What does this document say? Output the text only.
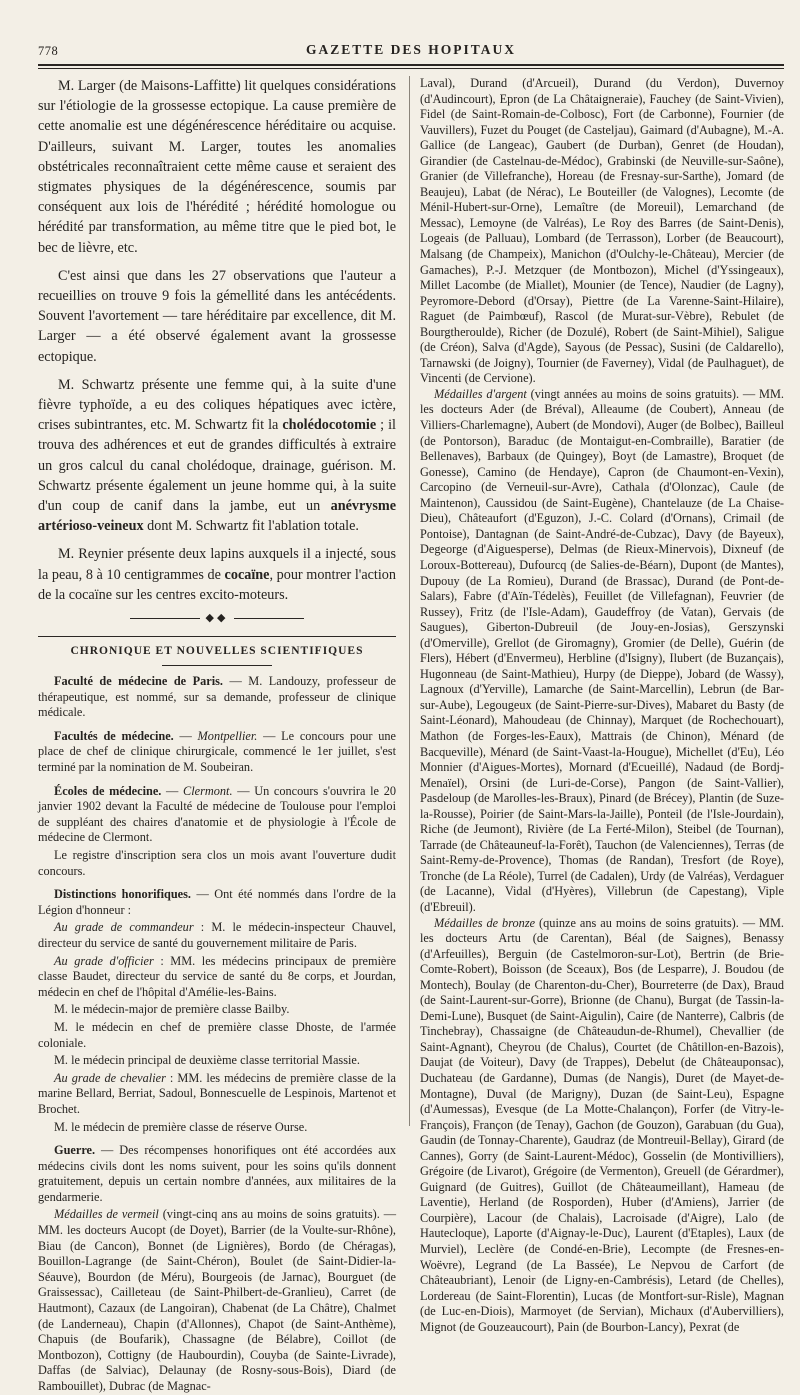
778	GAZETTE DES HOPITAUX

M. Larger (de Maisons-Laffitte) lit quelques considérations sur l'étiologie de la grossesse ectopique. La cause première de cette anomalie est une dégénérescence héréditaire ou acquise. D'ailleurs, suivant M. Larger, toutes les anomalies obstétricales reconnaîtraient cette même cause et seraient des stigmates physiques de la dégénérescence, soumis par conséquent aux lois de l'hérédité ; hérédité homologue ou hérédité par transformation, au même titre que le pied bot, le bec de lièvre, etc.

C'est ainsi que dans les 27 observations que l'auteur a recueillies on trouve 9 fois la gémellité dans les antécédents. Souvent l'avortement — tare héréditaire par excellence, dit M. Larger — a été observé également avant la grossesse ectopique.

M. Schwartz présente une femme qui, à la suite d'une fièvre typhoïde, a eu des coliques hépatiques avec ictère, crises subintrantes, etc. M. Schwartz fit la cholédocotomie ; il trouva des adhérences et eut de grandes difficultés à extraire un gros calcul du canal cholédoque, drainage, guérison. M. Schwartz présente également un jeune homme qui, à la suite d'un coup de canif dans la jambe, eut un anévrysme artérioso-veineux dont M. Schwartz fit l'ablation totale.

M. Reynier présente deux lapins auxquels il a injecté, sous la peau, 8 à 10 centigrammes de cocaïne, pour montrer l'action de la cocaïne sur les centres excito-moteurs.

◆◆
CHRONIQUE ET NOUVELLES SCIENTIFIQUES

Faculté de médecine de Paris. — M. Landouzy, professeur de thérapeutique, est nommé, sur sa demande, professeur de clinique médicale.

Facultés de médecine. — Montpellier. — Le concours pour une place de chef de clinique chirurgicale, commencé le 1er juillet, s'est terminé par la nomination de M. Soubeiran.

Écoles de médecine. — Clermont. — Un concours s'ouvrira le 20 janvier 1902 devant la Faculté de médecine de Toulouse pour l'emploi de suppléant des chaires d'anatomie et de physiologie à l'École de médecine de Clermont.

Le registre d'inscription sera clos un mois avant l'ouverture dudit concours.

Distinctions honorifiques. — Ont été nommés dans l'ordre de la Légion d'honneur :

Au grade de commandeur : M. le médecin-inspecteur Chauvel, directeur du service de santé du gouvernement militaire de Paris.

Au grade d'officier : MM. les médecins principaux de première classe Baudet, directeur du service de santé du 8e corps, et Jourdan, médecin en chef de l'hôpital d'Amélie-les-Bains.

M. le médecin-major de première classe Bailby.

M. le médecin en chef de première classe Dhoste, de l'armée coloniale.

M. le médecin principal de deuxième classe territorial Massie.

Au grade de chevalier : MM. les médecins de première classe de la marine Bellard, Berriat, Sadoul, Bonnescuelle de Lespinois, Martenot et Brochet.

M. le médecin de première classe de réserve Ourse.

Guerre. — Des récompenses honorifiques ont été accordées aux médecins civils dont les noms suivent, pour les soins qu'ils donnent gratuitement, depuis un certain nombre d'années, aux militaires de la gendarmerie.

Médailles de vermeil (vingt-cinq ans au moins de soins gratuits). — MM. les docteurs Aucopt (de Doyet), Barrier (de la Voulte-sur-Rhône), Biau (de Cancon), Bonnet (de Lignières), Bordo (de Chéragas), Bouillon-Lagrange (de Saint-Chéron), Boulet (de Saint-Didier-la-Séauve), Bourdon (de Méru), Bourgeois (de Jarnac), Bourguet (de Graissessac), Cailleteau (de Saint-Philbert-de-Granlieu), Carret (de Hautmont), Cazaux (de Langoiran), Chabenat (de La Châtre), Chalmet (de Landerneau), Chapin (d'Allonnes), Chapot (de Saint-Anthème), Chapuis (de Boufarik), Chassagne (de Bélabre), Coillot (de Montbozon), Cottigny (de Haubourdin), Couyba (de Sainte-Livrade), Daffas (de Salviac), Delaunay (de Rosny-sous-Bois), Diard (de Rambouillet), Dubrac (de Magnac-

Laval), Durand (d'Arcueil), Durand (du Verdon), Duvernoy (d'Audincourt), Epron (de La Châtaigneraie), Fauchey (de Saint-Vivien), Fidel (de Saint-Romain-de-Colbosc), Fort (de Carbonne), Fournier (de Vauvillers), Fuzet du Pouget (de Casteljau), Gaimard (d'Aubagne), M.-A. Gallice (de Langeac), Gaubert (de Durban), Genret (de Houdan), Girandier (de Castelnau-de-Médoc), Grabinski (de Neuville-sur-Saône), Granier (de Villefranche), Horeau (de Fresnay-sur-Sarthe), Jomard (de Beaujeu), Labat (de Nérac), Le Bouteiller (de Valognes), Lecomte (de Ménil-Hubert-sur-Orne), Lemaître (de Moreuil), Lemarchand (de Messac), Lemoyne (de Valréas), Le Roy des Barres (de Saint-Denis), Logeais (de Palluau), Lombard (de Terrasson), Lorber (de Beaucourt), Malsang (de Champeix), Manichon (d'Oulchy-le-Château), Mercier (de Gamaches), P.-J. Metzquer (de Montbozon), Michel (d'Yssingeaux), Millet Lacombe (de Miallet), Mounier (de Tence), Naudier (de Lagny), Peyromore-Debord (d'Orsay), Piettre (de La Varenne-Saint-Hilaire), Raguet (de Paimbœuf), Rascol (de Murat-sur-Vèbre), Rebulet (de Bourgtheroulde), Richer (de Dozulé), Robert (de Saint-Mihiel), Saligue (de Créon), Salva (d'Agde), Sayous (de Pessac), Susini (de Caldarello), Tarnawski (de Joigny), Tournier (de Faverney), Vidal (de Paulhaguet), de Vincenti (de Cervione).

Médailles d'argent (vingt années au moins de soins gratuits). — MM. les docteurs Ader (de Bréval), Alleaume (de Coubert), Anneau (de Villiers-Charlemagne), Aubert (de Mondovi), Auger (de Bolbec), Bailleul (de Pontorson), Baraduc (de Montaigut-en-Combraille), Baratier (de Bellenaves), Barbaux (de Quingey), Boyt (de Lamastre), Broquet (de Gonesse), Camino (de Hendaye), Capron (de Chaumont-en-Vexin), Carcopino (de Verneuil-sur-Avre), Cathala (d'Olonzac), Caule (de Maintenon), Caussidou (de Saint-Eugène), Chantelauze (de La Chaise-Dieu), Châteaufort (d'Eguzon), J.-C. Colard (d'Ornans), Crimail (de Pontoise), Dantagnan (de Saint-André-de-Cubzac), Davy (de Bayeux), Degeorge (d'Aiguesperse), Delmas (de Rieux-Minervois), Dixneuf (de Loroux-Bottereau), Dufourcq (de Salies-de-Béarn), Dupont (de Mantes), Dupouy (de La Romieu), Durand (de Brassac), Durand (de Pont-de-Salars), Fabre (d'Aïn-Tédelès), Feuillet (de Villefagnan), Feuvrier (de Russey), Fritz (de l'Isle-Adam), Gaudeffroy (de Vatan), Gervais (de Saugues), Giberton-Dubreuil (de Jouy-en-Josias), Gerszynski (d'Omerville), Grellot (de Giromagny), Gromier (de Delle), Guérin (de Flers), Hébert (d'Envermeu), Herbline (d'Isigny), Ilubert (de Buzançais), Hugonneau (de Saint-Mathieu), Hurpy (de Dieppe), Jobard (de Wassy), Lagnoux (d'Yerville), Lamarche (de Saint-Marcellin), Lebrun (de Bar-sur-Aube), Legougeux (de Saint-Pierre-sur-Dives), Mabaret du Basty (de Saint-Léonard), Mahoudeau (de Chinnay), Marquet (de Rochechouart), Mathon (de Forges-les-Eaux), Mattrais (de Chinon), Ménard (de Bacqueville), Ménard (de Saint-Vaast-la-Hougue), Michellet (d'Eu), Léo Monnier (d'Aigues-Mortes), Mornard (d'Ecueillé), Nadaud (de Bordj-Menaïel), Orsini (de Luri-de-Corse), Pangon (de Saint-Vallier), Pasdeloup (de Marolles-les-Braux), Pinard (de Brécey), Plantin (de Suze-la-Rousse), Poirier (de Saint-Mars-la-Jaille), Ponteil (de l'Isle-Jourdain), Riche (de Jeumont), Rivière (de La Ferté-Milon), Steibel (de Tournan), Tarrade (de Châteauneuf-la-Forêt), Tauchon (de Valenciennes), Terras (de Saint-Remy-de-Provence), Thomas (de Randan), Tresfort (de Roye), Tronche (de La Réole), Turrel (de Cadalen), Urdy (de Valréas), Verdaguer (de Lacanne), Vidal (d'Hyères), Villebrun (de Capestang), Viple (d'Ebreuil).

Médailles de bronze (quinze ans au moins de soins gratuits). — MM. les docteurs Artu (de Carentan), Béal (de Saignes), Benassy (d'Arfeuilles), Berguin (de Castelmoron-sur-Lot), Bertrin (de Brie-Comte-Robert), Boisson (de Sceaux), Bos (de Lesparre), J. Boudou (de Montech), Boulay (de Charenton-du-Cher), Bourreterre (de Dax), Braud (de Saint-Laurent-sur-Gorre), Brionne (de Chanu), Burgat (de Tassin-la-Demi-Lune), Busquet (de Saint-Aigulin), Caire (de Nanterre), Calbris (de Tinchebray), Chassaigne (de Châteaudun-de-Rhumel), Chevallier (de Saint-Agnant), Cheyrou (de Chalus), Courtet (de Châtillon-en-Bazois), Daujat (de Voiteur), Davy (de Trappes), Debelut (de Châteauponsac), Duchateau (de Gardanne), Dumas (de Nangis), Duret (de Mayet-de-Montagne), Duval (de Marigny), Duzan (de Saint-Leu), Espagne (d'Aumessas), Evesque (de La Motte-Chalançon), Forfer (de Vitry-le-François), Françon (de Tenay), Gachon (de Gouzon), Garabuan (du Gua), Gaudin (de Tonnay-Charente), Gaudraz (de Montreuil-Bellay), Girard (de Cannes), Gorry (de Saint-Laurent-Médoc), Gosselin (de Montivilliers), Grégoire (de Livarot), Grégoire (de Vermenton), Greuell (de Gérardmer), Guignard (de Guitres), Guillot (de Châteaumeillant), Hameau (de Laventie), Herland (de Rosporden), Huber (d'Amiens), Jarrier (de Courpière), Lacour (de Chalais), Lacroisade (d'Aigre), Lalo (de Hautecloque), Laporte (d'Aignay-le-Duc), Laurent (d'Etaples), Laux (de Murviel), Leclère (de Condé-en-Brie), Lecompte (de Fresnes-en-Woëvre), Legrand (de La Bassée), Le Nepvou de Carfort (de Châteaubriant), Lenoir (de Ligny-en-Cambrésis), Letard (de Chelles), Lordereau (de Saint-Florentin), Lucas (de Montfort-sur-Risle), Magnan (de Luc-en-Diois), Marmoyet (de Servian), Michaux (d'Aubervilliers), Mignot (de Gouzeaucourt), Pain (de Bourbon-Lancy), Pexrat (de
